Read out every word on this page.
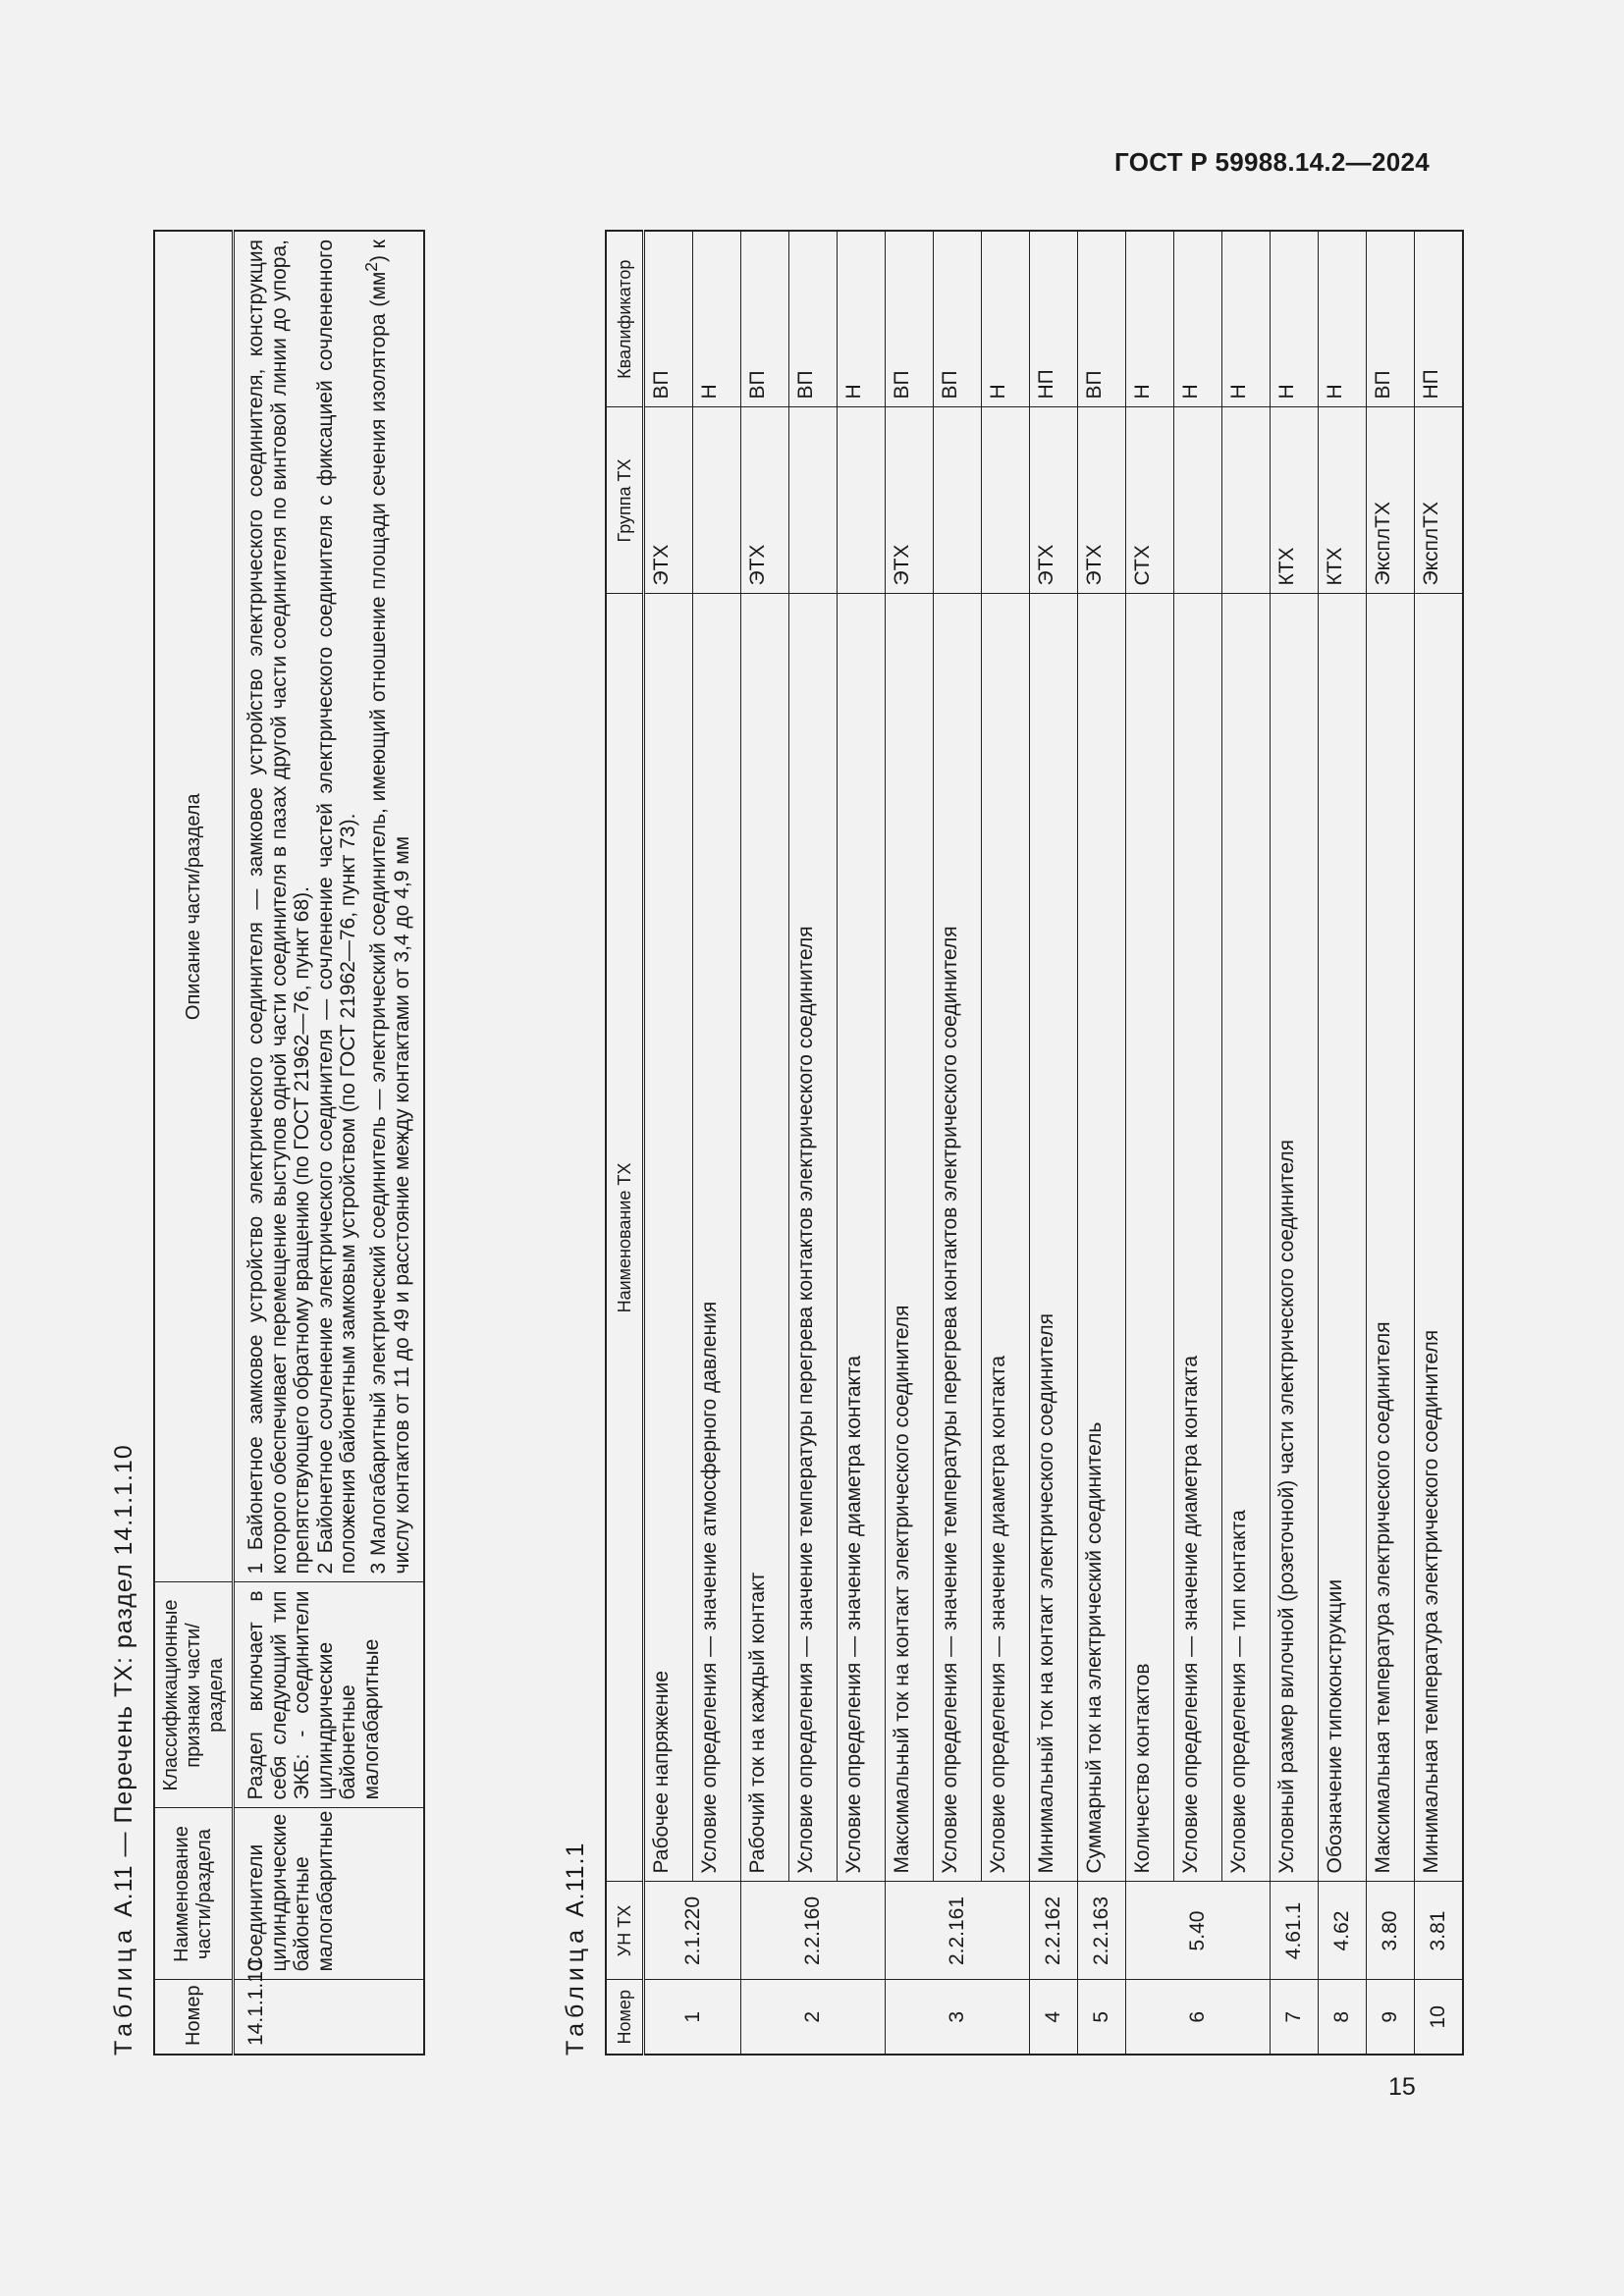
ГОСТ Р 59988.14.2—2024
Таблица А.11 — Перечень ТХ: раздел 14.1.1.10
Номер	Наименование части/раздела	Классификационные признаки части/раздела	Описание части/раздела
14.1.1.10	Соединители цилиндрические байонетные малогабаритные	Раздел включает в себя следующий тип ЭКБ: - соединители цилиндрические байонетные малогабаритные	1 Байонетное замковое устройство электрического соединителя — замковое устройство электрического соединителя, конструкция которого обеспечивает перемещение выступов одной части соединителя в пазах другой части соединителя по винтовой линии до упора, препятствующего обратному вращению (по ГОСТ 21962—76, пункт 68). 2 Байонетное сочленение электрического соединителя — сочленение частей электрического соединителя с фиксацией сочлененного положения байонетным замковым устройством (по ГОСТ 21962—76, пункт 73). 3 Малогабаритный электрический соединитель — электрический соединитель, имеющий отношение площади сечения изолятора $(мм^2)$ к числу контактов от 11 до 49 и расстояние между контактами от 3,4 до 4,9 мм
Таблица А.11.1
Номер	УН ТХ	Наименование ТХ	Группа ТХ	Квалификатор
1	2.1.220	Рабочее напряжение	ЭТХ	ВП
		Условие определения — значение атмосферного давления		Н
2	2.2.160	Рабочий ток на каждый контакт	ЭТХ	ВП
		Условие определения — значение температуры перегрева контактов электрического соединителя		ВП
		Условие определения — значение диаметра контакта		Н
3	2.2.161	Максимальный ток на контакт электрического соединителя	ЭТХ	ВП
		Условие определения — значение температуры перегрева контактов электрического соединителя		ВП
		Условие определения — значение диаметра контакта		Н
4	2.2.162	Минимальный ток на контакт электрического соединителя	ЭТХ	НП
5	2.2.163	Суммарный ток на электрический соединитель	ЭТХ	ВП
6	5.40	Количество контактов	СТХ	Н
		Условие определения — значение диаметра контакта		Н
		Условие определения — тип контакта		Н
7	4.61.1	Условный размер вилочной (розеточной) части электрического соединителя	КТХ	Н
8	4.62	Обозначение типоконструкции	КТХ	Н
9	3.80	Максимальная температура электрического соединителя	ЭксплТХ	ВП
10	3.81	Минимальная температура электрического соединителя	ЭксплТХ	НП
15
